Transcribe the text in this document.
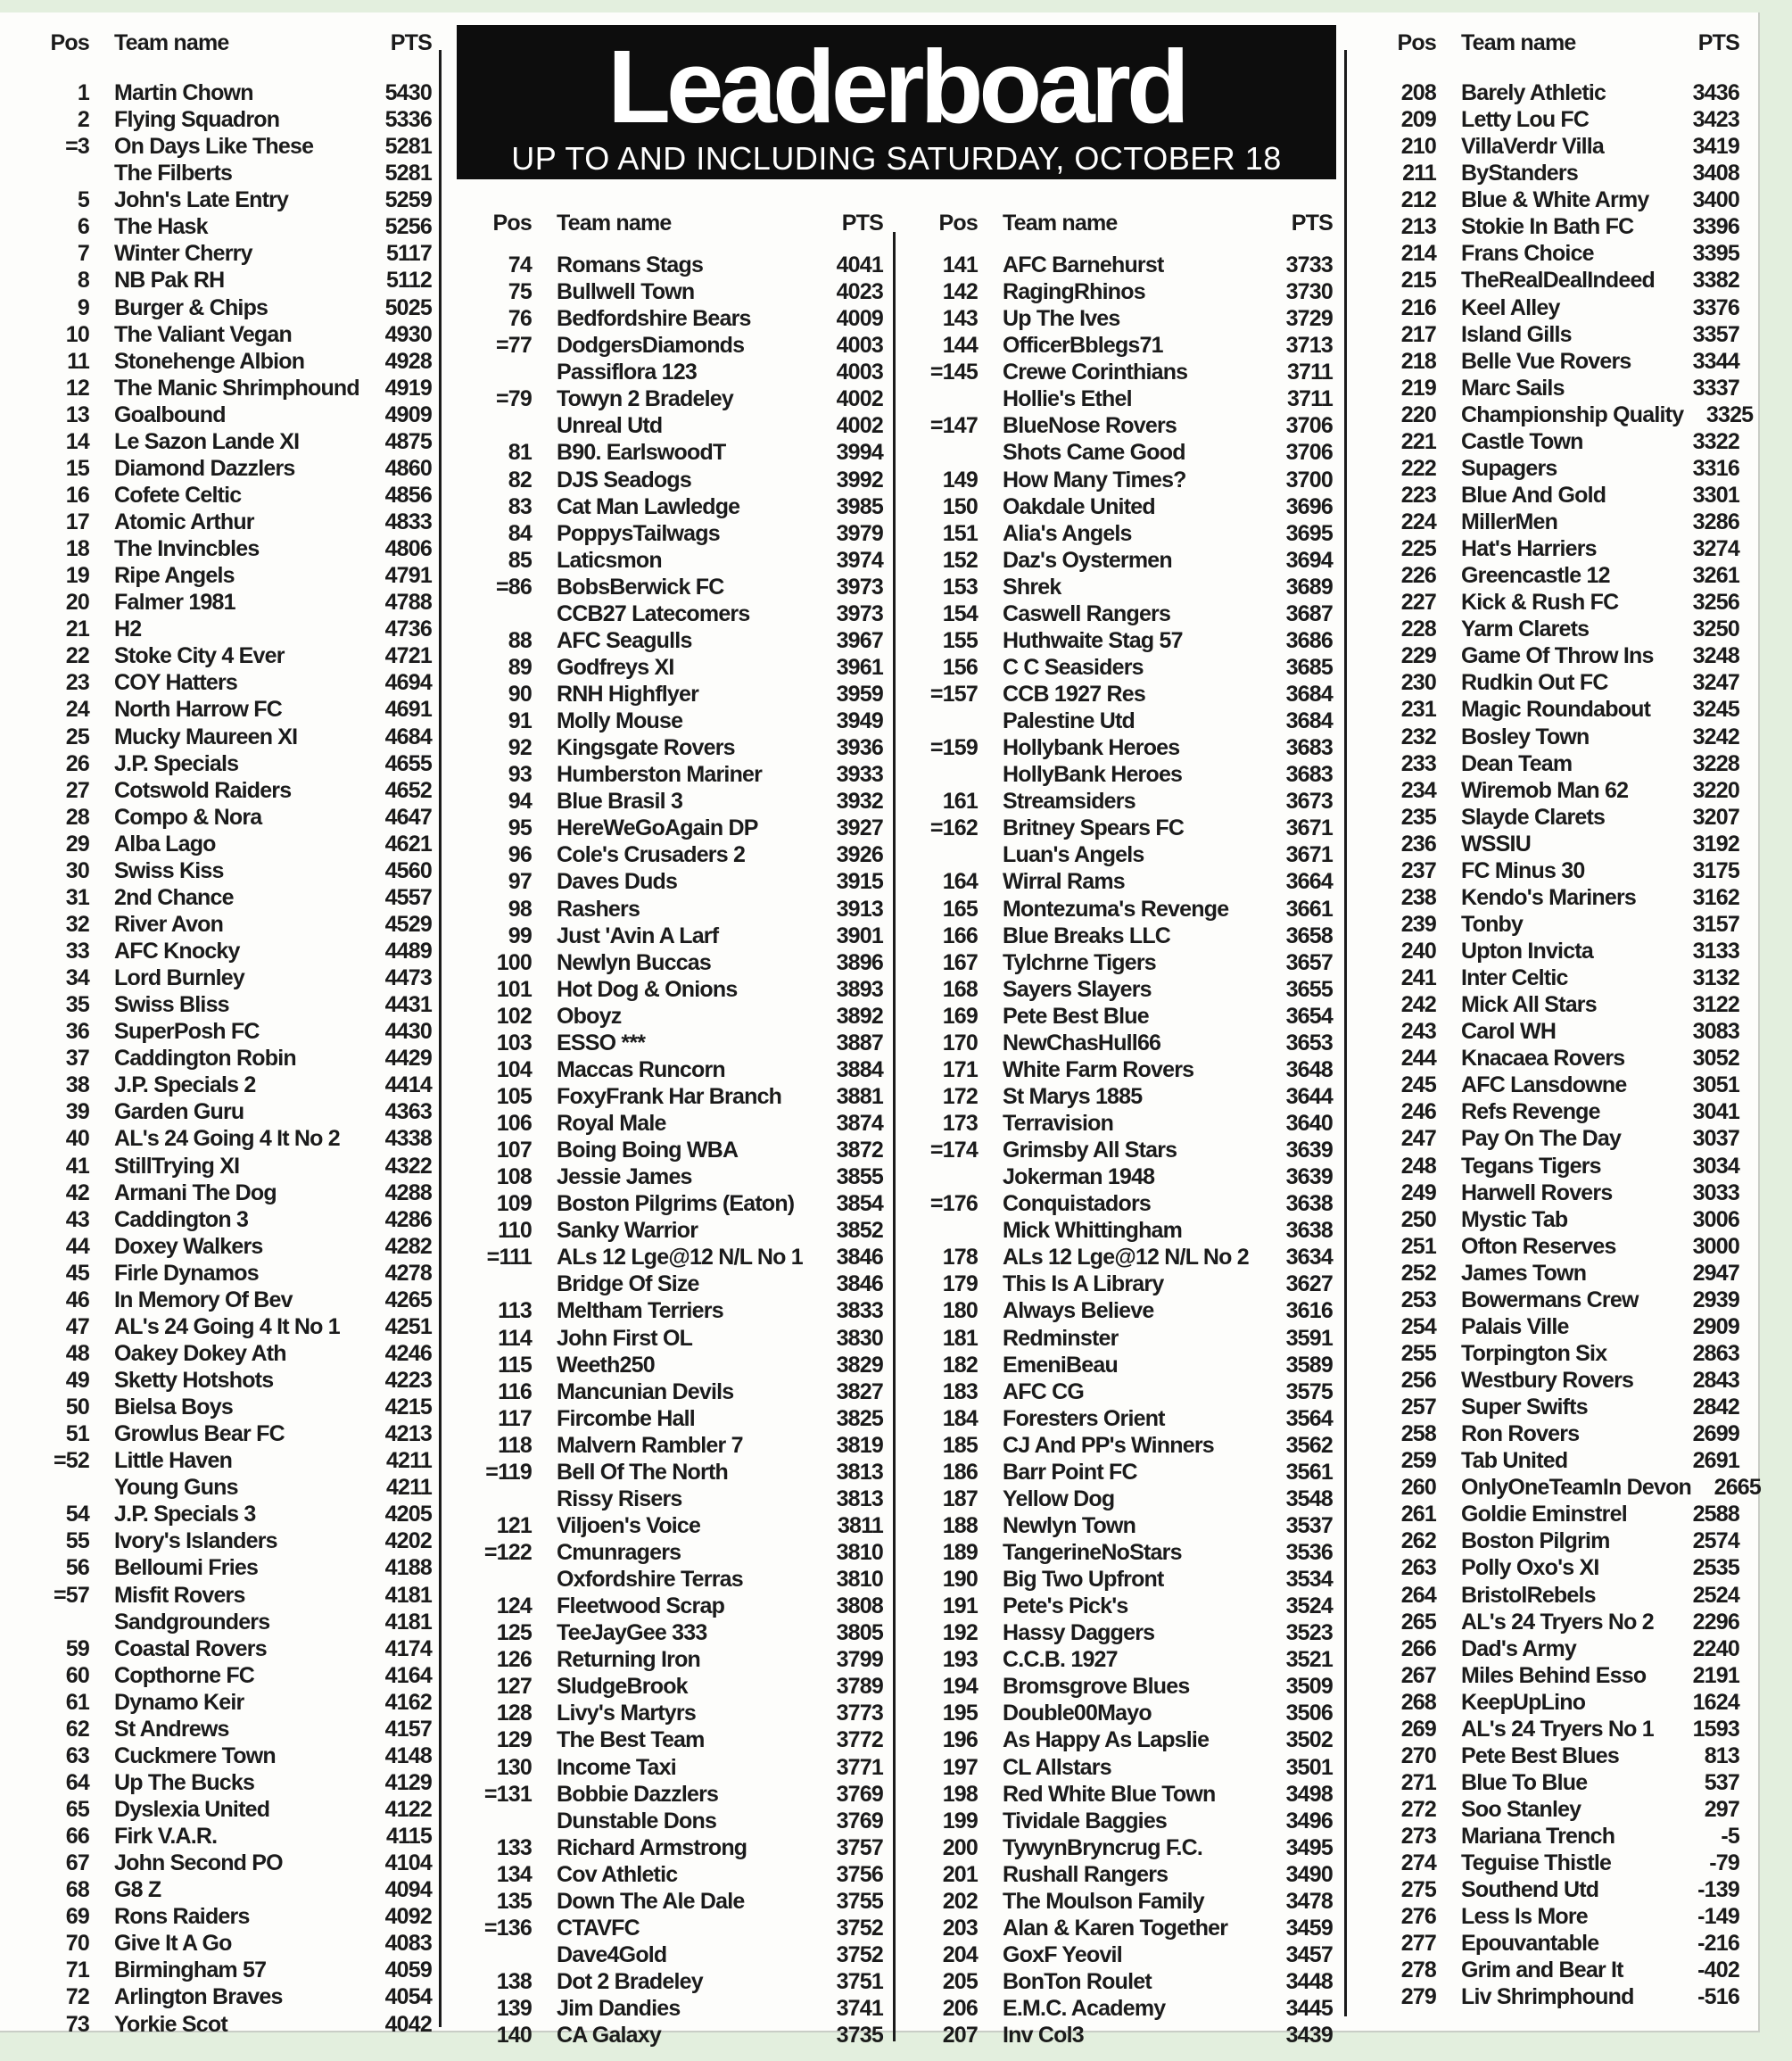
Leaderboard
UP TO AND INCLUDING SATURDAY, OCTOBER 18
Pos	Team name	PTS
1	Martin Chown	5430
2	Flying Squadron	5336
=3	On Days Like These	5281
The Filberts	5281
5	John's Late Entry	5259
6	The Hask	5256
7	Winter Cherry	5117
8	NB Pak RH	5112
9	Burger & Chips	5025
10	The Valiant Vegan	4930
11	Stonehenge Albion	4928
12	The Manic Shrimphound	4919
13	Goalbound	4909
14	Le Sazon Lande XI	4875
15	Diamond Dazzlers	4860
16	Cofete Celtic	4856
17	Atomic Arthur	4833
18	The Invincbles	4806
19	Ripe Angels	4791
20	Falmer 1981	4788
21	H2	4736
22	Stoke City 4 Ever	4721
23	COY Hatters	4694
24	North Harrow FC	4691
25	Mucky Maureen XI	4684
26	J.P. Specials	4655
27	Cotswold Raiders	4652
28	Compo & Nora	4647
29	Alba Lago	4621
30	Swiss Kiss	4560
31	2nd Chance	4557
32	River Avon	4529
33	AFC Knocky	4489
34	Lord Burnley	4473
35	Swiss Bliss	4431
36	SuperPosh FC	4430
37	Caddington Robin	4429
38	J.P. Specials 2	4414
39	Garden Guru	4363
40	AL's 24 Going 4 It No 2	4338
41	StillTrying XI	4322
42	Armani The Dog	4288
43	Caddington 3	4286
44	Doxey Walkers	4282
45	Firle Dynamos	4278
46	In Memory Of Bev	4265
47	AL's 24 Going 4 It No 1	4251
48	Oakey Dokey Ath	4246
49	Sketty Hotshots	4223
50	Bielsa Boys	4215
51	Growlus Bear FC	4213
=52	Little Haven	4211
Young Guns	4211
54	J.P. Specials 3	4205
55	Ivory's Islanders	4202
56	Belloumi Fries	4188
=57	Misfit Rovers	4181
Sandgrounders	4181
59	Coastal Rovers	4174
60	Copthorne FC	4164
61	Dynamo Keir	4162
62	St Andrews	4157
63	Cuckmere Town	4148
64	Up The Bucks	4129
65	Dyslexia United	4122
66	Firk V.A.R.	4115
67	John Second PO	4104
68	G8 Z	4094
69	Rons Raiders	4092
70	Give It A Go	4083
71	Birmingham 57	4059
72	Arlington Braves	4054
73	Yorkie Scot	4042
Pos	Team name	PTS
74	Romans Stags	4041
75	Bullwell Town	4023
76	Bedfordshire Bears	4009
=77	DodgersDiamonds	4003
Passiflora 123	4003
=79	Towyn 2 Bradeley	4002
Unreal Utd	4002
81	B90. EarlswoodT	3994
82	DJS Seadogs	3992
83	Cat Man Lawledge	3985
84	PoppysTailwags	3979
85	Laticsmon	3974
=86	BobsBerwick FC	3973
CCB27 Latecomers	3973
88	AFC Seagulls	3967
89	Godfreys XI	3961
90	RNH Highflyer	3959
91	Molly Mouse	3949
92	Kingsgate Rovers	3936
93	Humberston Mariner	3933
94	Blue Brasil 3	3932
95	HereWeGoAgain DP	3927
96	Cole's Crusaders 2	3926
97	Daves Duds	3915
98	Rashers	3913
99	Just 'Avin A Larf	3901
100	Newlyn Buccas	3896
101	Hot Dog & Onions	3893
102	Oboyz	3892
103	ESSO ***	3887
104	Maccas Runcorn	3884
105	FoxyFrank Har Branch	3881
106	Royal Male	3874
107	Boing Boing WBA	3872
108	Jessie James	3855
109	Boston Pilgrims (Eaton)	3854
110	Sanky Warrior	3852
=111	ALs 12 Lge@12 N/L No 1	3846
Bridge Of Size	3846
113	Meltham Terriers	3833
114	John First OL	3830
115	Weeth250	3829
116	Mancunian Devils	3827
117	Fircombe Hall	3825
118	Malvern Rambler 7	3819
=119	Bell Of The North	3813
Rissy Risers	3813
121	Viljoen's Voice	3811
=122	Cmunragers	3810
Oxfordshire Terras	3810
124	Fleetwood Scrap	3808
125	TeeJayGee 333	3805
126	Returning Iron	3799
127	SludgeBrook	3789
128	Livy's Martyrs	3773
129	The Best Team	3772
130	Income Taxi	3771
=131	Bobbie Dazzlers	3769
Dunstable Dons	3769
133	Richard Armstrong	3757
134	Cov Athletic	3756
135	Down The Ale Dale	3755
=136	CTAVFC	3752
Dave4Gold	3752
138	Dot 2 Bradeley	3751
139	Jim Dandies	3741
140	CA Galaxy	3735
Pos	Team name	PTS
141	AFC Barnehurst	3733
142	RagingRhinos	3730
143	Up The Ives	3729
144	OfficerBblegs71	3713
=145	Crewe Corinthians	3711
Hollie's Ethel	3711
=147	BlueNose Rovers	3706
Shots Came Good	3706
149	How Many Times?	3700
150	Oakdale United	3696
151	Alia's Angels	3695
152	Daz's Oystermen	3694
153	Shrek	3689
154	Caswell Rangers	3687
155	Huthwaite Stag 57	3686
156	C C Seasiders	3685
=157	CCB 1927 Res	3684
Palestine Utd	3684
=159	Hollybank Heroes	3683
HollyBank Heroes	3683
161	Streamsiders	3673
=162	Britney Spears FC	3671
Luan's Angels	3671
164	Wirral Rams	3664
165	Montezuma's Revenge	3661
166	Blue Breaks LLC	3658
167	Tylchrne Tigers	3657
168	Sayers Slayers	3655
169	Pete Best Blue	3654
170	NewChasHull66	3653
171	White Farm Rovers	3648
172	St Marys 1885	3644
173	Terravision	3640
=174	Grimsby All Stars	3639
Jokerman 1948	3639
=176	Conquistadors	3638
Mick Whittingham	3638
178	ALs 12 Lge@12 N/L No 2	3634
179	This Is A Library	3627
180	Always Believe	3616
181	Redminster	3591
182	EmeniBeau	3589
183	AFC CG	3575
184	Foresters Orient	3564
185	CJ And PP's Winners	3562
186	Barr Point FC	3561
187	Yellow Dog	3548
188	Newlyn Town	3537
189	TangerineNoStars	3536
190	Big Two Upfront	3534
191	Pete's Pick's	3524
192	Hassy Daggers	3523
193	C.C.B. 1927	3521
194	Bromsgrove Blues	3509
195	Double00Mayo	3506
196	As Happy As Lapslie	3502
197	CL Allstars	3501
198	Red White Blue Town	3498
199	Tividale Baggies	3496
200	TywynBryncrug F.C.	3495
201	Rushall Rangers	3490
202	The Moulson Family	3478
203	Alan & Karen Together	3459
204	GoxF Yeovil	3457
205	BonTon Roulet	3448
206	E.M.C. Academy	3445
207	Inv Col3	3439
Pos	Team name	PTS
208	Barely Athletic	3436
209	Letty Lou FC	3423
210	VillaVerdr Villa	3419
211	ByStanders	3408
212	Blue & White Army	3400
213	Stokie In Bath FC	3396
214	Frans Choice	3395
215	TheRealDealIndeed	3382
216	Keel Alley	3376
217	Island Gills	3357
218	Belle Vue Rovers	3344
219	Marc Sails	3337
220	Championship Quality	3325
221	Castle Town	3322
222	Supagers	3316
223	Blue And Gold	3301
224	MillerMen	3286
225	Hat's Harriers	3274
226	Greencastle 12	3261
227	Kick & Rush FC	3256
228	Yarm Clarets	3250
229	Game Of Throw Ins	3248
230	Rudkin Out FC	3247
231	Magic Roundabout	3245
232	Bosley Town	3242
233	Dean Team	3228
234	Wiremob Man 62	3220
235	Slayde Clarets	3207
236	WSSIU	3192
237	FC Minus 30	3175
238	Kendo's Mariners	3162
239	Tonby	3157
240	Upton Invicta	3133
241	Inter Celtic	3132
242	Mick All Stars	3122
243	Carol WH	3083
244	Knacaea Rovers	3052
245	AFC Lansdowne	3051
246	Refs Revenge	3041
247	Pay On The Day	3037
248	Tegans Tigers	3034
249	Harwell Rovers	3033
250	Mystic Tab	3006
251	Ofton Reserves	3000
252	James Town	2947
253	Bowermans Crew	2939
254	Palais Ville	2909
255	Torpington Six	2863
256	Westbury Rovers	2843
257	Super Swifts	2842
258	Ron Rovers	2699
259	Tab United	2691
260	OnlyOneTeamIn Devon	2665
261	Goldie Eminstrel	2588
262	Boston Pilgrim	2574
263	Polly Oxo's XI	2535
264	BristolRebels	2524
265	AL's 24 Tryers No 2	2296
266	Dad's Army	2240
267	Miles Behind Esso	2191
268	KeepUpLino	1624
269	AL's 24 Tryers No 1	1593
270	Pete Best Blues	813
271	Blue To Blue	537
272	Soo Stanley	297
273	Mariana Trench	-5
274	Teguise Thistle	-79
275	Southend Utd	-139
276	Less Is More	-149
277	Epouvantable	-216
278	Grim and Bear It	-402
279	Liv Shrimphound	-516
